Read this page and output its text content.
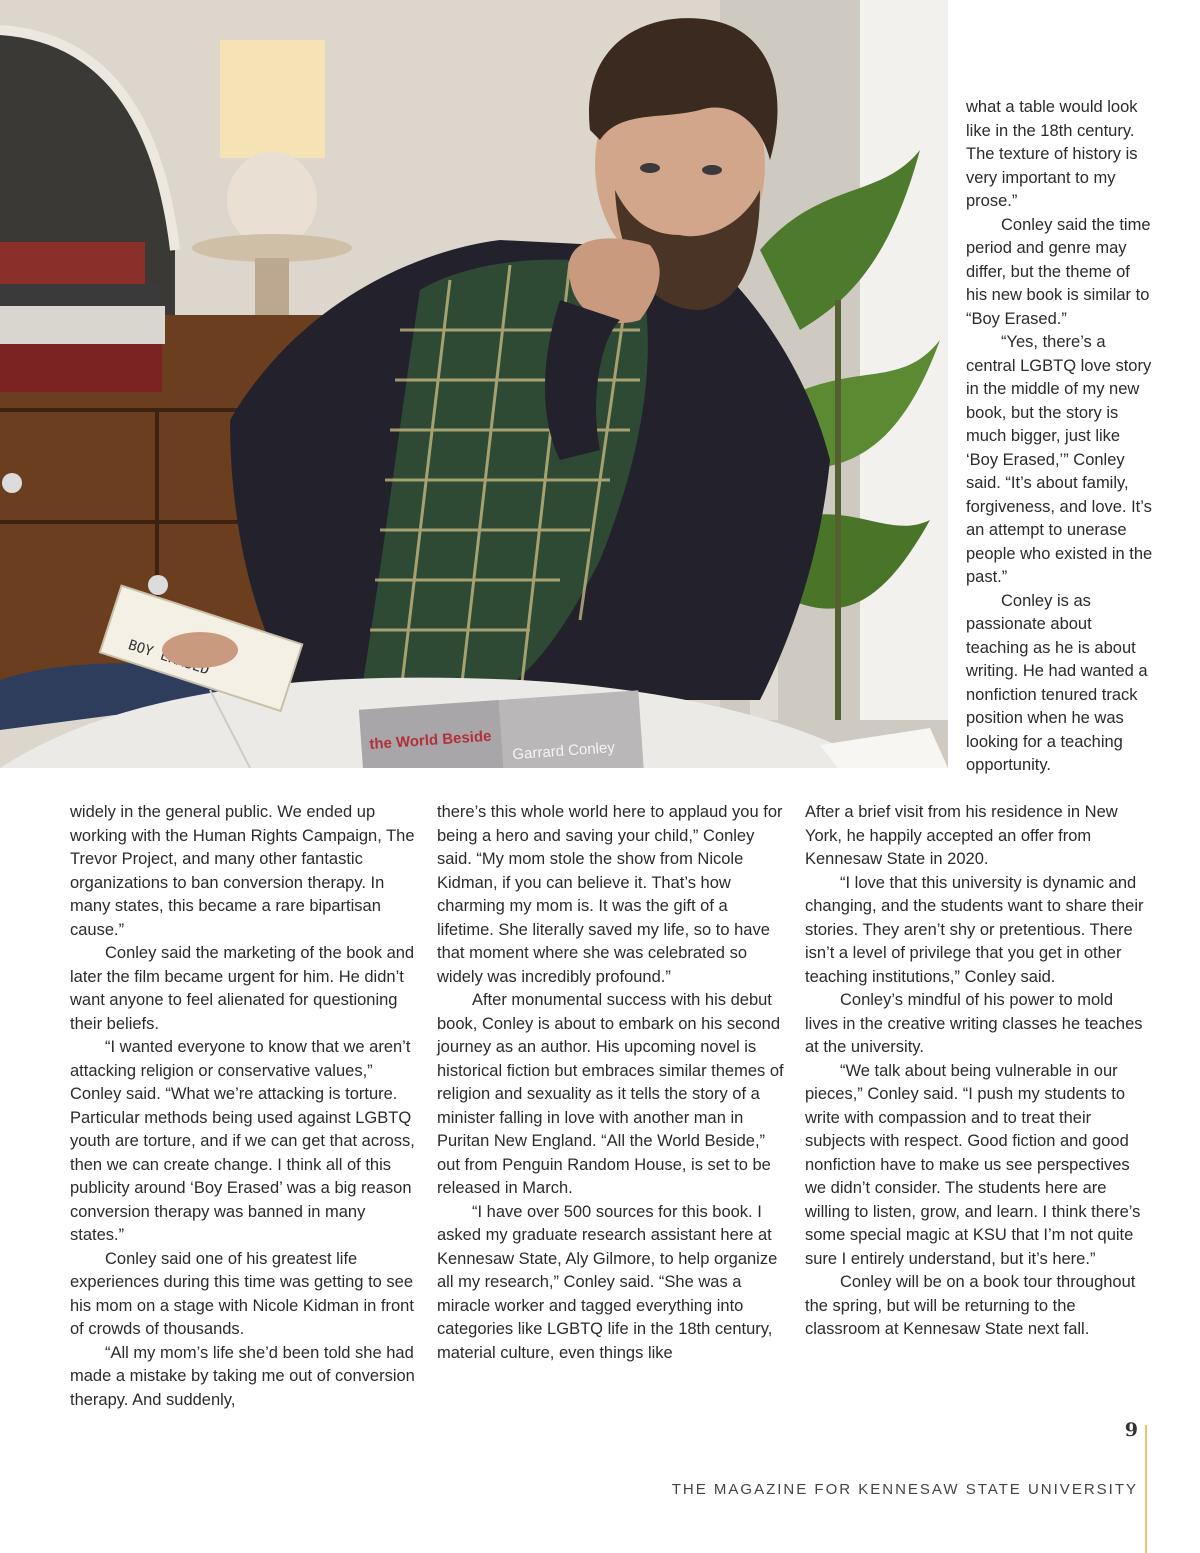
BOY
the World Beside Garrard Conley

what a table would look like in the 18th century. The texture of history is very important to my prose.”

Conley said the time period and genre may differ, but the theme of his new book is similar to “Boy Erased.”

“Yes, there’s a central LGBTQ love story in the middle of my new book, but the story is much bigger, just like ‘Boy Erased,’” Conley said. “It’s about family, forgiveness, and love. It’s an attempt to unerase people who existed in the past.”

Conley is as passionate about teaching as he is about writing. He had wanted a nonfiction tenured track position when he was looking for a teaching opportunity.

widely in the general public. We ended up working with the Human Rights Campaign, The Trevor Project, and many other fantastic organizations to ban conversion therapy. In many states, this became a rare bipartisan cause.”

Conley said the marketing of the book and later the film became urgent for him. He didn’t want anyone to feel alienated for questioning their beliefs.

“I wanted everyone to know that we aren’t attacking religion or conservative values,” Conley said. “What we’re attacking is torture. Particular methods being used against LGBTQ youth are torture, and if we can get that across, then we can create change. I think all of this publicity around ‘Boy Erased’ was a big reason conversion therapy was banned in many states.”

Conley said one of his greatest life experiences during this time was getting to see his mom on a stage with Nicole Kidman in front of crowds of thousands.

“All my mom’s life she’d been told she had made a mistake by taking me out of conversion therapy. And suddenly,

there’s this whole world here to applaud you for being a hero and saving your child,” Conley said. “My mom stole the show from Nicole Kidman, if you can believe it. That’s how charming my mom is. It was the gift of a lifetime. She literally saved my life, so to have that moment where she was celebrated so widely was incredibly profound.”

After monumental success with his debut book, Conley is about to embark on his second journey as an author. His upcoming novel is historical fiction but embraces similar themes of religion and sexuality as it tells the story of a minister falling in love with another man in Puritan New England. “All the World Beside,” out from Penguin Random House, is set to be released in March.

“I have over 500 sources for this book. I asked my graduate research assistant here at Kennesaw State, Aly Gilmore, to help organize all my research,” Conley said. “She was a miracle worker and tagged everything into categories like LGBTQ life in the 18th century, material culture, even things like

After a brief visit from his residence in New York, he happily accepted an offer from Kennesaw State in 2020.

“I love that this university is dynamic and changing, and the students want to share their stories. They aren’t shy or pretentious. There isn’t a level of privilege that you get in other teaching institutions,” Conley said.

Conley’s mindful of his power to mold lives in the creative writing classes he teaches at the university.

“We talk about being vulnerable in our pieces,” Conley said. “I push my students to write with compassion and to treat their subjects with respect. Good fiction and good nonfiction have to make us see perspectives we didn’t consider. The students here are willing to listen, grow, and learn. I think there’s some special magic at KSU that I’m not quite sure I entirely understand, but it’s here.”

Conley will be on a book tour throughout the spring, but will be returning to the classroom at Kennesaw State next fall.

9
THE MAGAZINE FOR KENNESAW STATE UNIVERSITY
